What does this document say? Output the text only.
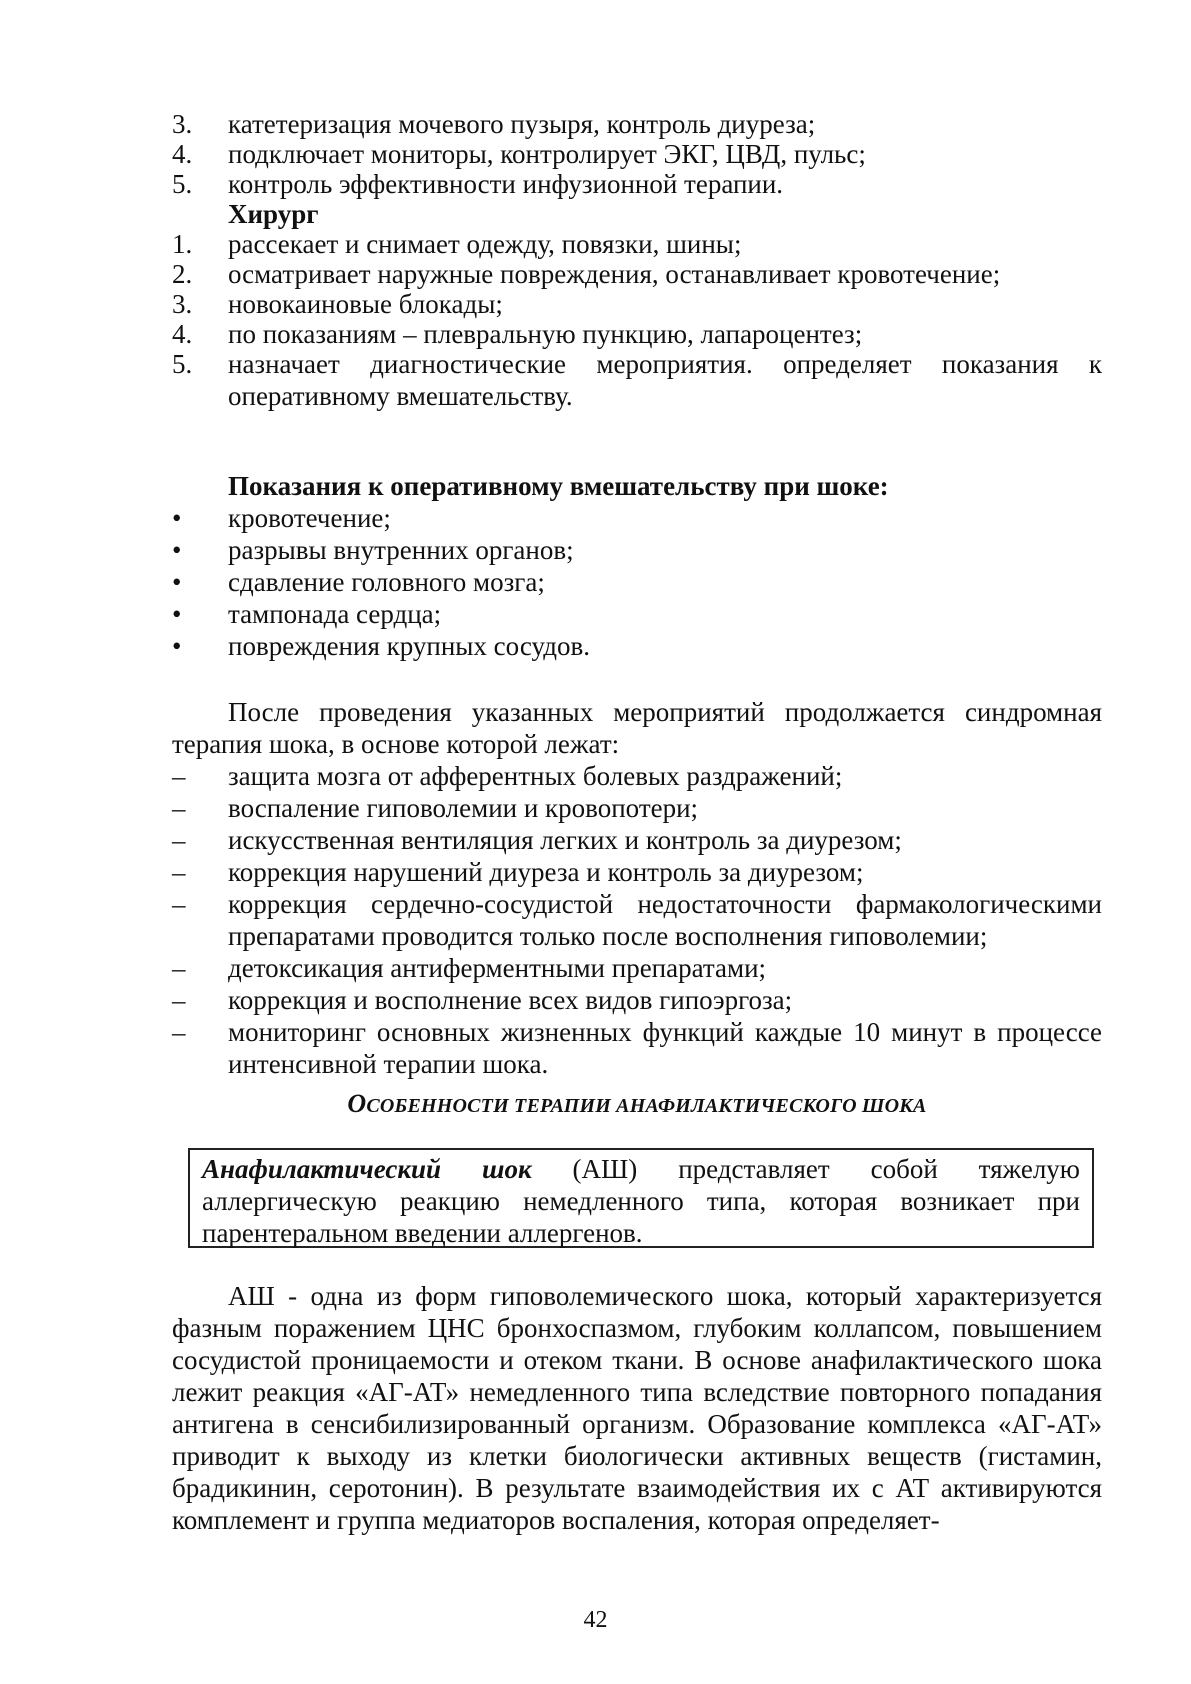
3.	катетеризация мочевого пузыря, контроль диуреза;
4.	подключает мониторы, контролирует ЭКГ, ЦВД, пульс;
5.	контроль эффективности инфузионной терапии.
Хирург
1.	рассекает и снимает одежду, повязки, шины;
2.	осматривает наружные повреждения, останавливает кровотечение;
3.	новокаиновые блокады;
4.	по показаниям – плевральную пункцию, лапароцентез;
5.	назначает диагностические мероприятия. определяет показания к оперативному вмешательству.
Показания к оперативному вмешательству при шоке:
•	кровотечение;
•	разрывы внутренних органов;
•	сдавление головного мозга;
•	тампонада сердца;
•	повреждения крупных сосудов.
После проведения указанных мероприятий продолжается синдромная терапия шока, в основе которой лежат:
–	защита мозга от афферентных болевых раздражений;
–	воспаление гиповолемии и кровопотери;
–	искусственная вентиляция легких и контроль за диурезом;
–	коррекция нарушений диуреза и контроль за диурезом;
–	коррекция сердечно-сосудистой недостаточности фармакологическими препаратами проводится только после восполнения гиповолемии;
–	детоксикация антиферментными препаратами;
–	коррекция и восполнение всех видов гипоэргоза;
–	мониторинг основных жизненных функций каждые 10 минут в процессе интенсивной терапии шока.
ОСОБЕННОСТИ ТЕРАПИИ АНАФИЛАКТИЧЕСКОГО ШОКА
Анафилактический шок (АШ) представляет собой тяжелую аллергическую реакцию немедленного типа, которая возникает при парентеральном введении аллергенов.
АШ - одна из форм гиповолемического шока, который характеризуется фазным поражением ЦНС бронхоспазмом, глубоким коллапсом, повышением сосудистой проницаемости и отеком ткани. В основе анафилактического шока лежит реакция «АГ-АТ» немедленного типа вследствие повторного попадания антигена в сенсибилизированный организм. Образование комплекса «АГ-АТ» приводит к выходу из клетки биологически активных веществ (гистамин, брадикинин, серотонин). В результате взаимодействия их с АТ активируются комплемент и группа медиаторов воспаления, которая определяет-
42
